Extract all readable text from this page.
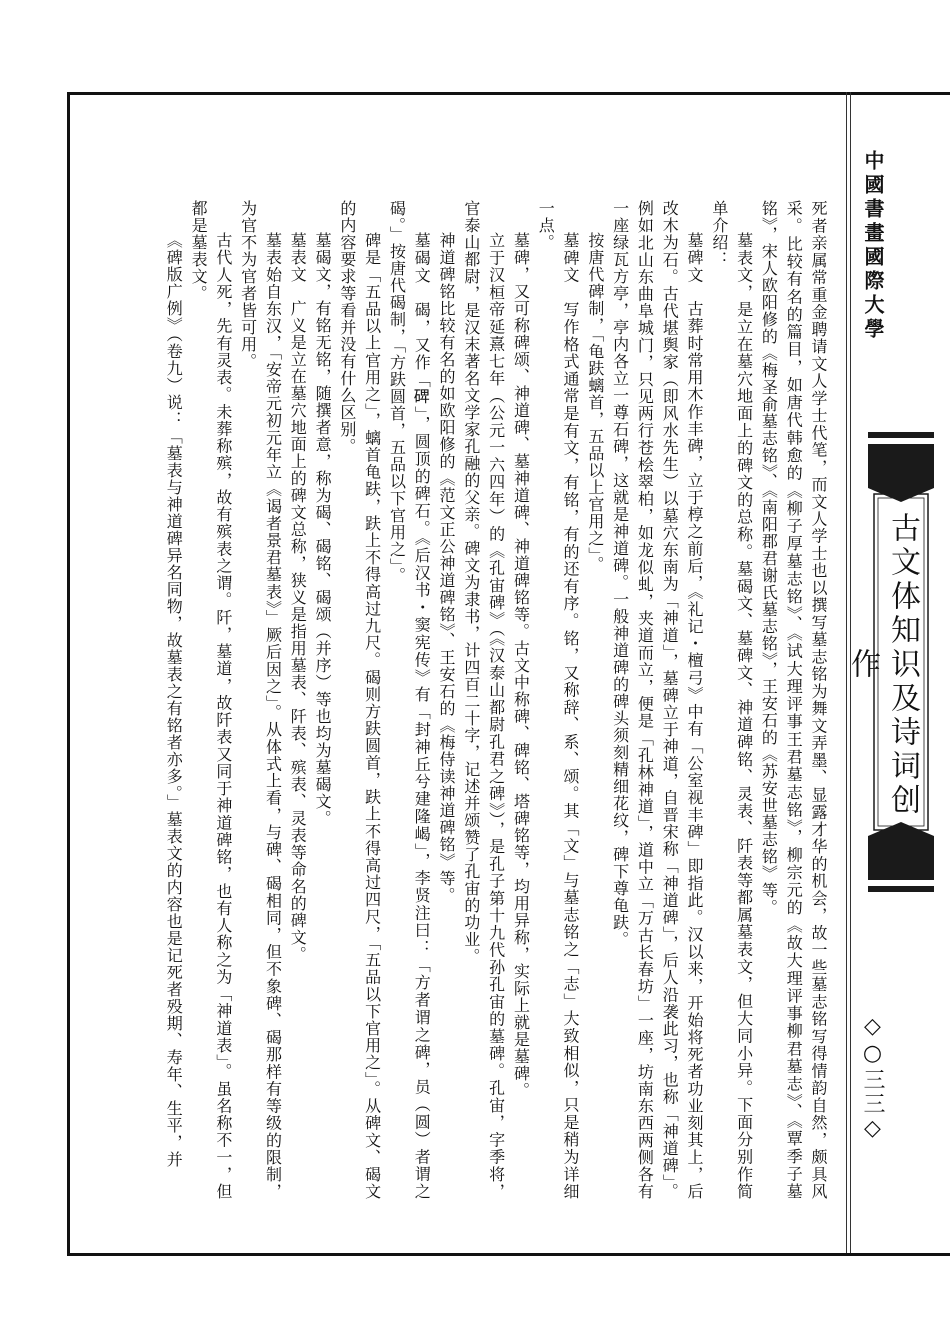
中國書畫國際大學
古文体知识及诗词创作
◇○三三◇

死者亲属常重金聘请文人学士代笔，而文人学士也以撰写墓志铭为舞文弄墨、显露才华的机会，故一些墓志铭写得情韵自然，颇具风采。比较有名的篇目，如唐代韩愈的《柳子厚墓志铭》、《试大理评事王君墓志铭》，柳宗元的《故大理评事柳君墓志》、《覃季子墓铭》，宋人欧阳修的《梅圣俞墓志铭》、《南阳郡君谢氏墓志铭》，王安石的《苏安世墓志铭》等。

墓表文，是立在墓穴地面上的碑文的总称。墓碣文、墓碑文、神道碑铭、灵表、阡表等都属墓表文，但大同小异。下面分别作简单介绍：

墓碑文　古葬时常用木作丰碑，立于椁之前后，《礼记・檀弓》中有「公室视丰碑」即指此。汉以来，开始将死者功业刻其上，后改木为石。古代堪舆家（即风水先生）以墓穴东南为「神道」，墓碑立于神道，自晋宋称「神道碑」，后人沿袭此习，也称「神道碑」。例如北山东曲阜城门，只见两行苍桧翠柏，如龙似虬，夹道而立，便是「孔林神道」，道中立「万古长春坊」一座，坊南东西两侧各有一座绿瓦方亭，亭内各立一尊石碑，这就是神道碑。一般神道碑的碑头须刻精细花纹，碑下尊龟趺。

按唐代碑制，「龟趺螭首，五品以上官用之」。

墓碑文　写作格式通常是有文，有铭，有的还有序。铭，又称辞、系、颂。其「文」与墓志铭之「志」大致相似，只是稍为详细一点。

墓碑，又可称碑颂、神道碑、墓神道碑、神道碑铭等。古文中称碑、碑铭、塔碑铭等，均用异称，实际上就是墓碑。

立于汉桓帝延熹七年（公元一六四年）的《孔宙碑》（《汉泰山都尉孔君之碑》），是孔子第十九代孙孔宙的墓碑。孔宙，字季将，官泰山都尉，是汉末著名文学家孔融的父亲。碑文为隶书，计四百二十字，记述并颂赞了孔宙的功业。

神道碑铭比较有名的如欧阳修的《范文正公神道碑铭》、王安石的《梅侍读神道碑铭》等。

墓碣文　碣，又作「𥓓」，圆顶的碑石。《后汉书・窦宪传》有「封神丘兮建隆嵑」，李贤注曰：「方者谓之碑，员（圆）者谓之碣。」按唐代碣制，「方趺圆首，五品以下官用之」。

碑是「五品以上官用之」，螭首龟趺，趺上不得高过九尺。碣则方趺圆首，趺上不得高过四尺，「五品以下官用之」。从碑文、碣文的内容要求等看并没有什么区别。

墓碣文，有铭无铭，随撰者意，称为碣、碣铭、碣颂（并序）等也均为墓碣文。

墓表文　广义是立在墓穴地面上的碑文总称，狭义是指用墓表、阡表、殡表、灵表等命名的碑文。

墓表始自东汉，「安帝元初元年立《谒者景君墓表》」厥后因之」。从体式上看，与碑、碣相同，但不象碑、碣那样有等级的限制，为官不为官者皆可用。

古代人死，先有灵表。未葬称殡，故有殡表之谓。阡，墓道，故阡表又同于神道碑铭，也有人称之为「神道表」。虽名称不一，但都是墓表文。

《碑版广例》（卷九）说：「墓表与神道碑异名同物，故墓表之有铭者亦多。」墓表文的内容也是记死者殁期、寿年、生平，并
